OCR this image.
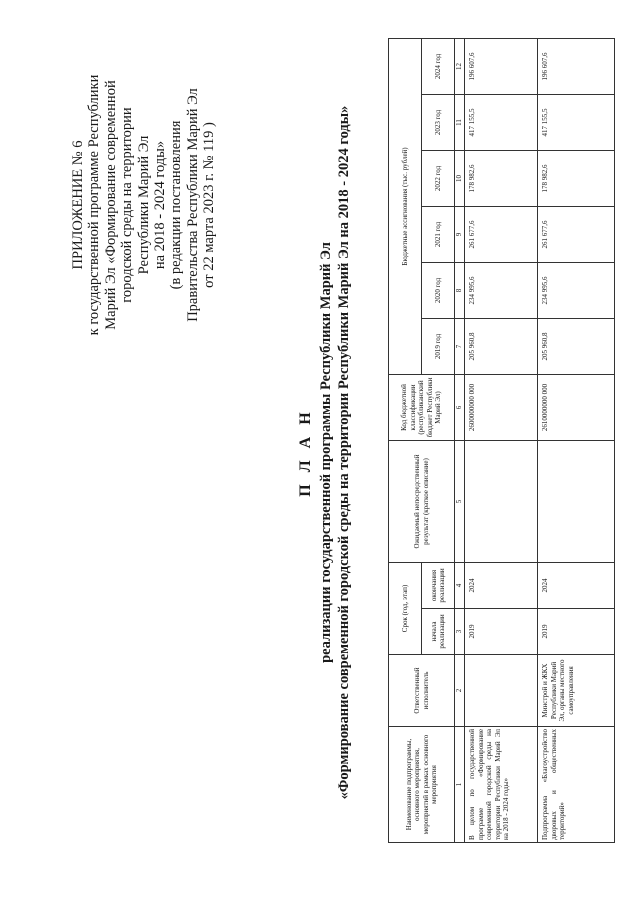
ПРИЛОЖЕНИЕ № 6 к государственной программе Республики Марий Эл «Формирование современной городской среды на территории Республики Марий Эл на 2018 - 2024 годы» (в редакции постановления Правительства Республики Марий Эл от 22 марта 2023 г. № 119 )
П Л А Н реализации государственной программы Республики Марий Эл «Формирование современной городской среды на территории Республики Марий Эл на 2018 - 2024 годы»	Наименование подпрограммы, основного мероприятия, мероприятий в рамках основного мероприятия	Ответственный исполнитель	Срок (год, этап)		Ожидаемый непосредственный результат (краткое описание)	Код бюджетной классификации (республиканский бюджет Республики Марий Эл)	Бюджетные ассигнования (тыс. рублей)					
		начала реализации	окончания реализации			2019 год	2020 год	2021 год	2022 год	2023 год	2024 год
1	2	3	4	5	6	7	8	9	10	11	12
В целом по государственной программе «Формирование современной городской среды на территории Республики Марий Эл на 2018 - 2024 годы»		2019	2024		2600000000 000	205 960,8	234 995,6	261 677,6	178 982,6	417 155,5	196 607,6
Подпрограмма «Благоустройство дворовых и общественных территорий»	Минстрой и ЖКХ Республики Марий Эл, органы местного самоуправления	2019	2024		2610000000 000	205 960,8	234 995,6	261 677,6	178 982,6	417 155,5	196 607,6
